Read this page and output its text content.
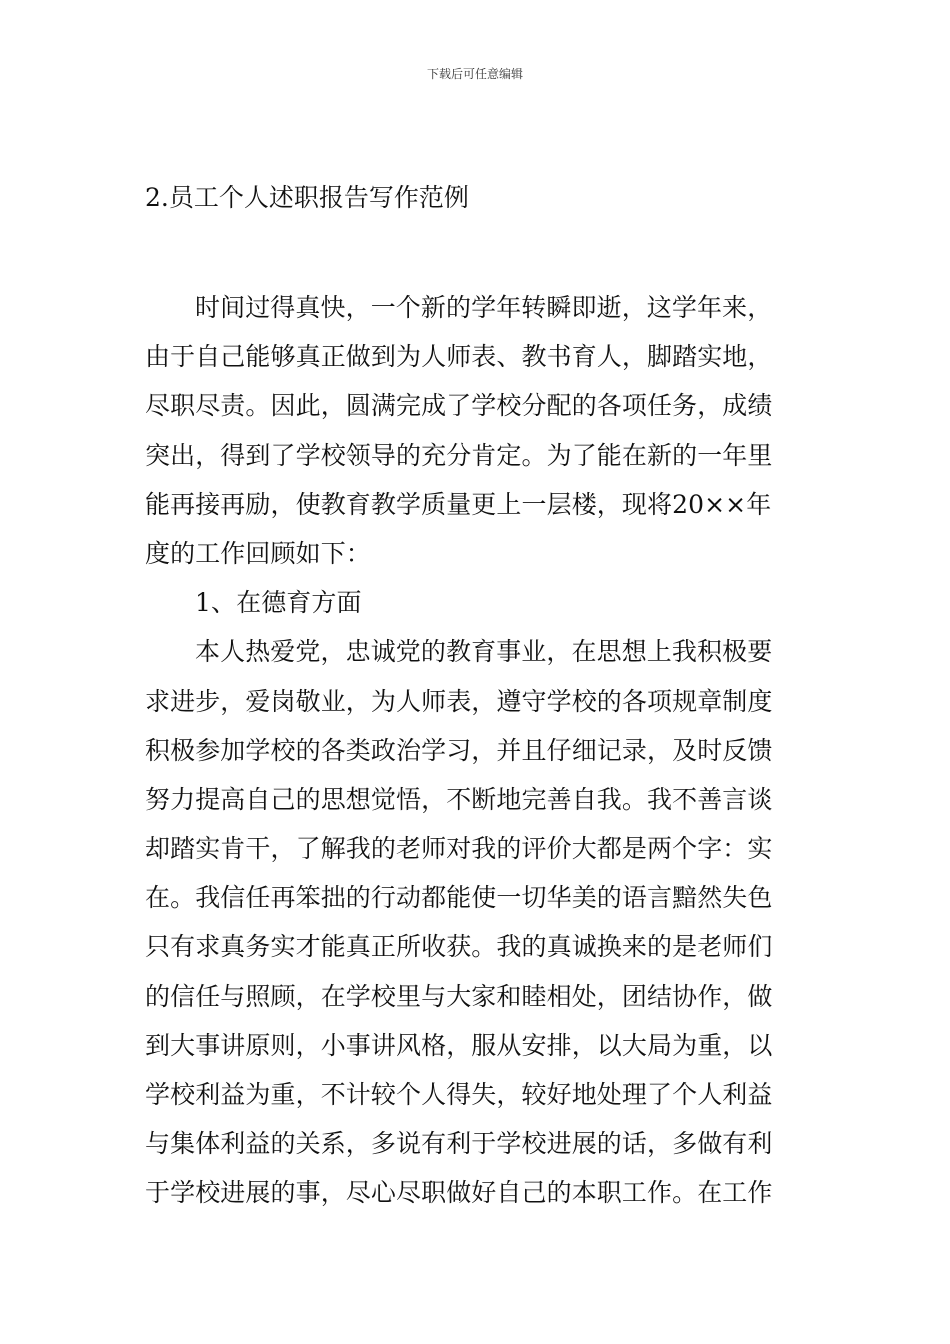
下载后可任意编辑
2.员工个人述职报告写作范例
时间过得真快，一个新的学年转瞬即逝，这学年来，
由于自己能够真正做到为人师表、教书育人，脚踏实地，
尽职尽责。因此，圆满完成了学校分配的各项任务，成绩
突出，得到了学校领导的充分肯定。为了能在新的一年里
能再接再励，使教育教学质量更上一层楼，现将20××年
度的工作回顾如下：
1、在德育方面
本人热爱党，忠诚党的教育事业，在思想上我积极要
求进步，爱岗敬业，为人师表，遵守学校的各项规章制度
积极参加学校的各类政治学习，并且仔细记录，及时反馈
努力提高自己的思想觉悟，不断地完善自我。我不善言谈
却踏实肯干，了解我的老师对我的评价大都是两个字：实
在。我信任再笨拙的行动都能使一切华美的语言黯然失色
只有求真务实才能真正所收获。我的真诚换来的是老师们
的信任与照顾，在学校里与大家和睦相处，团结协作，做
到大事讲原则，小事讲风格，服从安排，以大局为重，以
学校利益为重，不计较个人得失，较好地处理了个人利益
与集体利益的关系，多说有利于学校进展的话，多做有利
于学校进展的事，尽心尽职做好自己的本职工作。在工作
